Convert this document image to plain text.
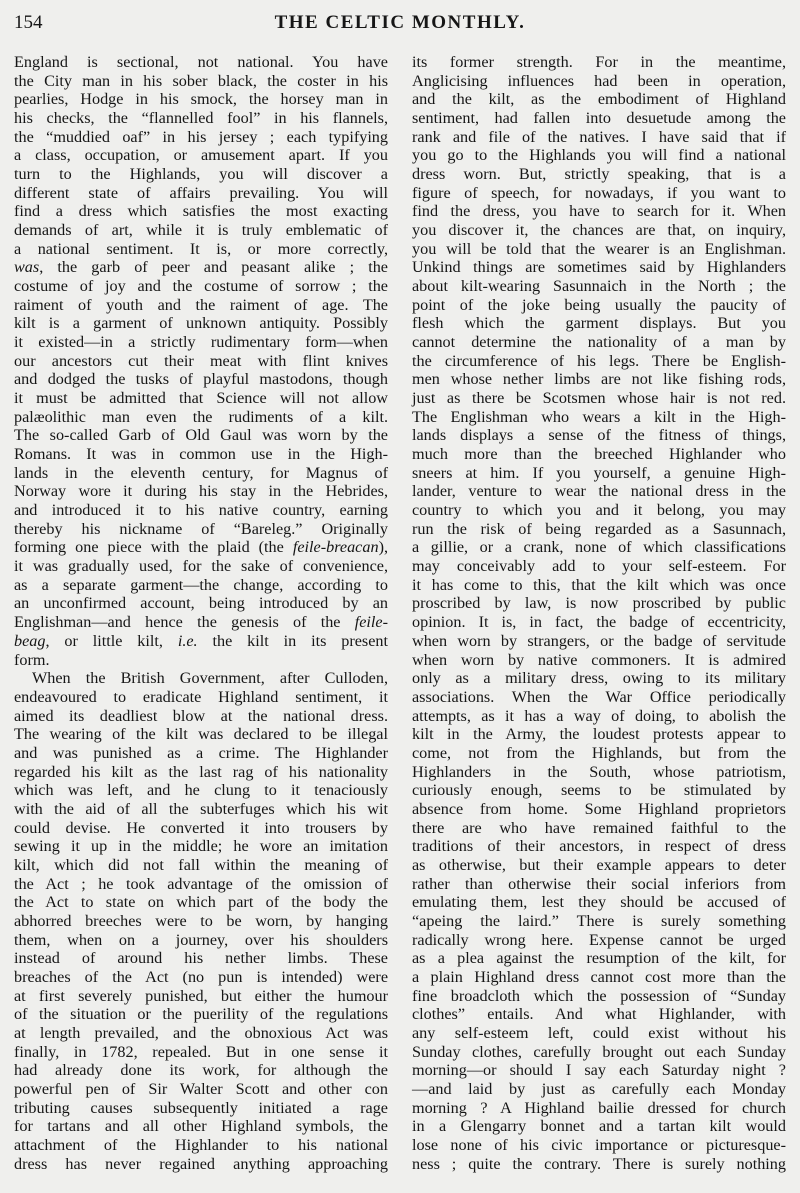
154	THE CELTIC MONTHLY.
England is sectional, not national. You have
the City man in his sober black, the coster in his
pearlies, Hodge in his smock, the horsey man in
his checks, the “flannelled fool” in his flannels,
the “muddied oaf” in his jersey ; each typifying
a class, occupation, or amusement apart. If you
turn to the Highlands, you will discover a
different state of affairs prevailing. You will
find a dress which satisfies the most exacting
demands of art, while it is truly emblematic of
a national sentiment. It is, or more correctly,
was, the garb of peer and peasant alike ; the
costume of joy and the costume of sorrow ; the
raiment of youth and the raiment of age. The
kilt is a garment of unknown antiquity. Possibly
it existed—in a strictly rudimentary form—when
our ancestors cut their meat with flint knives
and dodged the tusks of playful mastodons, though
it must be admitted that Science will not allow
palæolithic man even the rudiments of a kilt.
The so-called Garb of Old Gaul was worn by the
Romans. It was in common use in the High-
lands in the eleventh century, for Magnus of
Norway wore it during his stay in the Hebrides,
and introduced it to his native country, earning
thereby his nickname of “Bareleg.” Originally
forming one piece with the plaid (the feile-breacan),
it was gradually used, for the sake of convenience,
as a separate garment—the change, according to
an unconfirmed account, being introduced by an
Englishman—and hence the genesis of the feile-
beag, or little kilt, i.e. the kilt in its present
form.
When the British Government, after Culloden,
endeavoured to eradicate Highland sentiment, it
aimed its deadliest blow at the national dress.
The wearing of the kilt was declared to be illegal
and was punished as a crime. The Highlander
regarded his kilt as the last rag of his nationality
which was left, and he clung to it tenaciously
with the aid of all the subterfuges which his wit
could devise. He converted it into trousers by
sewing it up in the middle; he wore an imitation
kilt, which did not fall within the meaning of
the Act ; he took advantage of the omission of
the Act to state on which part of the body the
abhorred breeches were to be worn, by hanging
them, when on a journey, over his shoulders
instead of around his nether limbs. These
breaches of the Act (no pun is intended) were
at first severely punished, but either the humour
of the situation or the puerility of the regulations
at length prevailed, and the obnoxious Act was
finally, in 1782, repealed. But in one sense it
had already done its work, for although the
powerful pen of Sir Walter Scott and other con
tributing causes subsequently initiated a rage
for tartans and all other Highland symbols, the
attachment of the Highlander to his national
dress has never regained anything approaching
its former strength. For in the meantime,
Anglicising influences had been in operation,
and the kilt, as the embodiment of Highland
sentiment, had fallen into desuetude among the
rank and file of the natives. I have said that if
you go to the Highlands you will find a national
dress worn. But, strictly speaking, that is a
figure of speech, for nowadays, if you want to
find the dress, you have to search for it. When
you discover it, the chances are that, on inquiry,
you will be told that the wearer is an Englishman.
Unkind things are sometimes said by Highlanders
about kilt-wearing Sasunnaich in the North ; the
point of the joke being usually the paucity of
flesh which the garment displays. But you
cannot determine the nationality of a man by
the circumference of his legs. There be English-
men whose nether limbs are not like fishing rods,
just as there be Scotsmen whose hair is not red.
The Englishman who wears a kilt in the High-
lands displays a sense of the fitness of things,
much more than the breeched Highlander who
sneers at him. If you yourself, a genuine High-
lander, venture to wear the national dress in the
country to which you and it belong, you may
run the risk of being regarded as a Sasunnach,
a gillie, or a crank, none of which classifications
may conceivably add to your self-esteem. For
it has come to this, that the kilt which was once
proscribed by law, is now proscribed by public
opinion. It is, in fact, the badge of eccentricity,
when worn by strangers, or the badge of servitude
when worn by native commoners. It is admired
only as a military dress, owing to its military
associations. When the War Office periodically
attempts, as it has a way of doing, to abolish the
kilt in the Army, the loudest protests appear to
come, not from the Highlands, but from the
Highlanders in the South, whose patriotism,
curiously enough, seems to be stimulated by
absence from home. Some Highland proprietors
there are who have remained faithful to the
traditions of their ancestors, in respect of dress
as otherwise, but their example appears to deter
rather than otherwise their social inferiors from
emulating them, lest they should be accused of
“apeing the laird.” There is surely something
radically wrong here. Expense cannot be urged
as a plea against the resumption of the kilt, for
a plain Highland dress cannot cost more than the
fine broadcloth which the possession of “Sunday
clothes” entails. And what Highlander, with
any self-esteem left, could exist without his
Sunday clothes, carefully brought out each Sunday
morning—or should I say each Saturday night ?
—and laid by just as carefully each Monday
morning ? A Highland bailie dressed for church
in a Glengarry bonnet and a tartan kilt would
lose none of his civic importance or picturesque-
ness ; quite the contrary. There is surely nothing
